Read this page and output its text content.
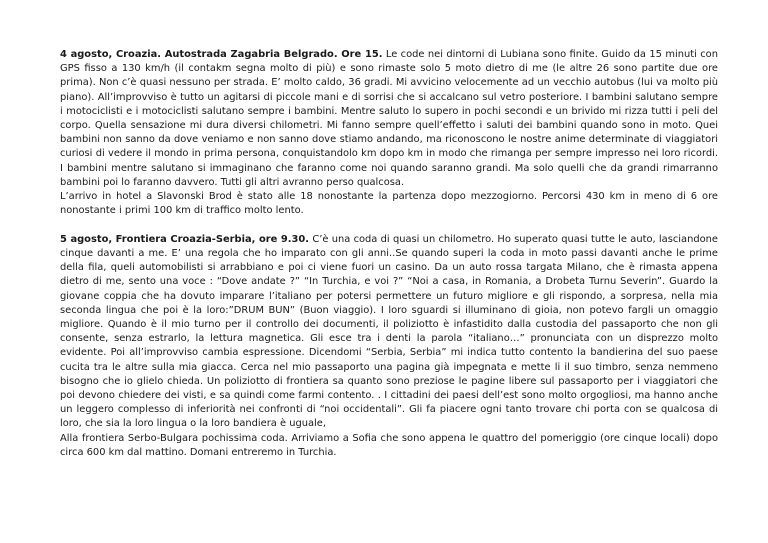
4 agosto, Croazia. Autostrada Zagabria Belgrado. Ore 15. Le code nei dintorni di Lubiana sono finite. Guido da 15 minuti con GPS fisso a 130 km/h (il contakm segna molto di più) e sono rimaste solo 5 moto dietro di me (le altre 26 sono partite due ore prima). Non c’è quasi nessuno per strada. E’ molto caldo, 36 gradi. Mi avvicino velocemente ad un vecchio autobus (lui va molto più piano). All’improvviso è tutto un agitarsi di piccole mani e di sorrisi che si accalcano sul vetro posteriore. I bambini salutano sempre i motociclisti e i motociclisti salutano sempre i bambini. Mentre saluto lo supero in pochi secondi e un brivido mi rizza tutti i peli del corpo. Quella sensazione mi dura diversi chilometri. Mi fanno sempre quell’effetto i saluti dei bambini quando sono in moto. Quei bambini non sanno da dove veniamo e non sanno dove stiamo andando, ma riconoscono le nostre anime determinate di viaggiatori curiosi di vedere il mondo in prima persona, conquistandolo km dopo km in modo che rimanga per sempre impresso nei loro ricordi. I bambini mentre salutano si immaginano che faranno come noi quando saranno grandi. Ma solo quelli che da grandi rimarranno bambini poi lo faranno davvero. Tutti gli altri avranno perso qualcosa.

L’arrivo in hotel a Slavonski Brod è stato alle 18 nonostante la partenza dopo mezzogiorno. Percorsi 430 km in meno di 6 ore nonostante i primi 100 km di traffico molto lento.

5 agosto, Frontiera Croazia-Serbia, ore 9.30. C’è una coda di quasi un chilometro. Ho superato quasi tutte le auto, lasciandone cinque davanti a me. E’ una regola che ho imparato con gli anni..Se quando superi la coda in moto passi davanti anche le prime della fila, queli automobilisti si arrabbiano e poi ci viene fuori un casino. Da un auto rossa targata Milano, che è rimasta appena dietro di me, sento una voce : “Dove andate ?” “In Turchia, e voi ?” “Noi a casa, in Romania, a Drobeta Turnu Severin”. Guardo la giovane coppia che ha dovuto imparare l’italiano per potersi permettere un futuro migliore e gli rispondo, a sorpresa, nella mia seconda lingua che poi è la loro:”DRUM BUN” (Buon viaggio). I loro sguardi si illuminano di gioia, non potevo fargli un omaggio migliore. Quando è il mio turno per il controllo dei documenti, il poliziotto è infastidito dalla custodia del passaporto che non gli consente, senza estrarlo, la lettura magnetica. Gli esce tra i denti la parola “italiano…” pronunciata con un disprezzo molto evidente. Poi all’improvviso cambia espressione. Dicendomi “Serbia, Serbia” mi indica tutto contento la bandierina del suo paese cucita tra le altre sulla mia giacca. Cerca nel mio passaporto una pagina già impegnata e mette li il suo timbro, senza nemmeno bisogno che io glielo chieda. Un poliziotto di frontiera sa quanto sono preziose le pagine libere sul passaporto per i viaggiatori che poi devono chiedere dei visti, e sa quindi come farmi contento. . I cittadini dei paesi dell’est sono molto orgogliosi, ma hanno anche un leggero complesso di inferiorità nei confronti di “noi occidentali”. Gli fa piacere ogni tanto trovare chi porta con se qualcosa di loro, che sia la loro lingua o la loro bandiera è uguale,

Alla frontiera Serbo-Bulgara pochissima coda. Arriviamo a Sofia che sono appena le quattro del pomeriggio (ore cinque locali) dopo circa 600 km dal mattino. Domani entreremo in Turchia.
